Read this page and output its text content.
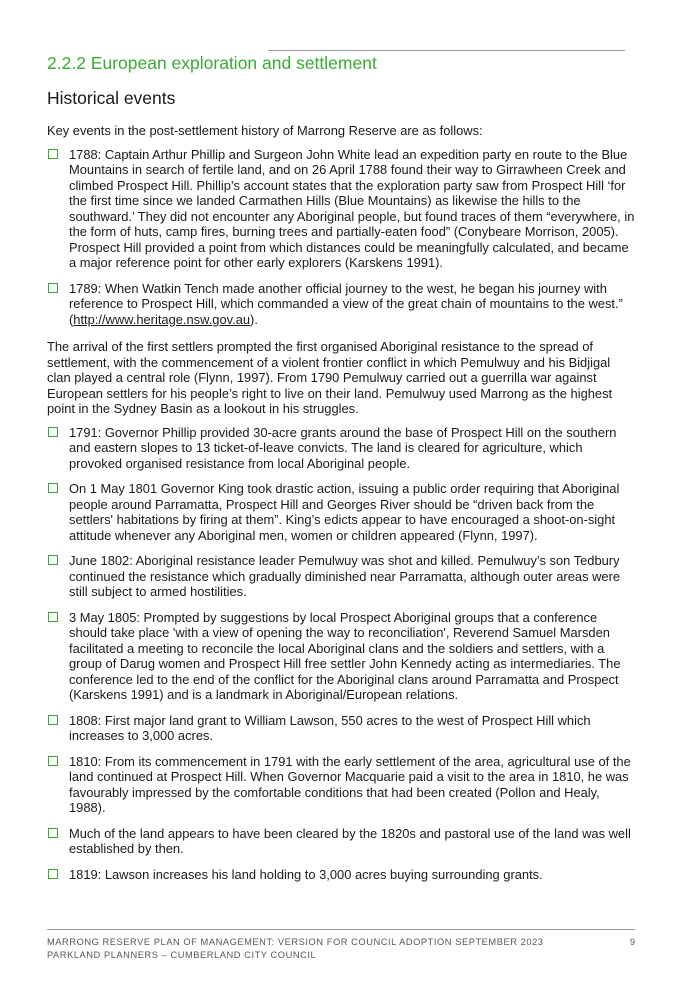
2.2.2 European exploration and settlement
Historical events

Key events in the post-settlement history of Marrong Reserve are as follows:

1788: Captain Arthur Phillip and Surgeon John White lead an expedition party en route to the Blue Mountains in search of fertile land, and on 26 April 1788 found their way to Girrawheen Creek and climbed Prospect Hill. Phillip’s account states that the exploration party saw from Prospect Hill ‘for the first time since we landed Carmathen Hills (Blue Mountains) as likewise the hills to the southward.’ They did not encounter any Aboriginal people, but found traces of them “everywhere, in the form of huts, camp fires, burning trees and partially-eaten food” (Conybeare Morrison, 2005). Prospect Hill provided a point from which distances could be meaningfully calculated, and became a major reference point for other early explorers (Karskens 1991).
1789: When Watkin Tench made another official journey to the west, he began his journey with reference to Prospect Hill, which commanded a view of the great chain of mountains to the west.” (http://www.heritage.nsw.gov.au).

The arrival of the first settlers prompted the first organised Aboriginal resistance to the spread of settlement, with the commencement of a violent frontier conflict in which Pemulwuy and his Bidjigal clan played a central role (Flynn, 1997). From 1790 Pemulwuy carried out a guerrilla war against European settlers for his people’s right to live on their land. Pemulwuy used Marrong as the highest point in the Sydney Basin as a lookout in his struggles.

1791: Governor Phillip provided 30-acre grants around the base of Prospect Hill on the southern and eastern slopes to 13 ticket-of-leave convicts. The land is cleared for agriculture, which provoked organised resistance from local Aboriginal people.
On 1 May 1801 Governor King took drastic action, issuing a public order requiring that Aboriginal people around Parramatta, Prospect Hill and Georges River should be “driven back from the settlers' habitations by firing at them”. King’s edicts appear to have encouraged a shoot-on-sight attitude whenever any Aboriginal men, women or children appeared (Flynn, 1997).
June 1802: Aboriginal resistance leader Pemulwuy was shot and killed. Pemulwuy’s son Tedbury continued the resistance which gradually diminished near Parramatta, although outer areas were still subject to armed hostilities.
3 May 1805: Prompted by suggestions by local Prospect Aboriginal groups that a conference should take place 'with a view of opening the way to reconciliation', Reverend Samuel Marsden facilitated a meeting to reconcile the local Aboriginal clans and the soldiers and settlers, with a group of Darug women and Prospect Hill free settler John Kennedy acting as intermediaries. The conference led to the end of the conflict for the Aboriginal clans around Parramatta and Prospect (Karskens 1991) and is a landmark in Aboriginal/European relations.
1808: First major land grant to William Lawson, 550 acres to the west of Prospect Hill which increases to 3,000 acres.
1810: From its commencement in 1791 with the early settlement of the area, agricultural use of the land continued at Prospect Hill. When Governor Macquarie paid a visit to the area in 1810, he was favourably impressed by the comfortable conditions that had been created (Pollon and Healy, 1988).
Much of the land appears to have been cleared by the 1820s and pastoral use of the land was well established by then.
1819: Lawson increases his land holding to 3,000 acres buying surrounding grants.
MARRONG RESERVE PLAN OF MANAGEMENT: VERSION FOR COUNCIL ADOPTION SEPTEMBER 2023
PARKLAND PLANNERS – CUMBERLAND CITY COUNCIL
9
